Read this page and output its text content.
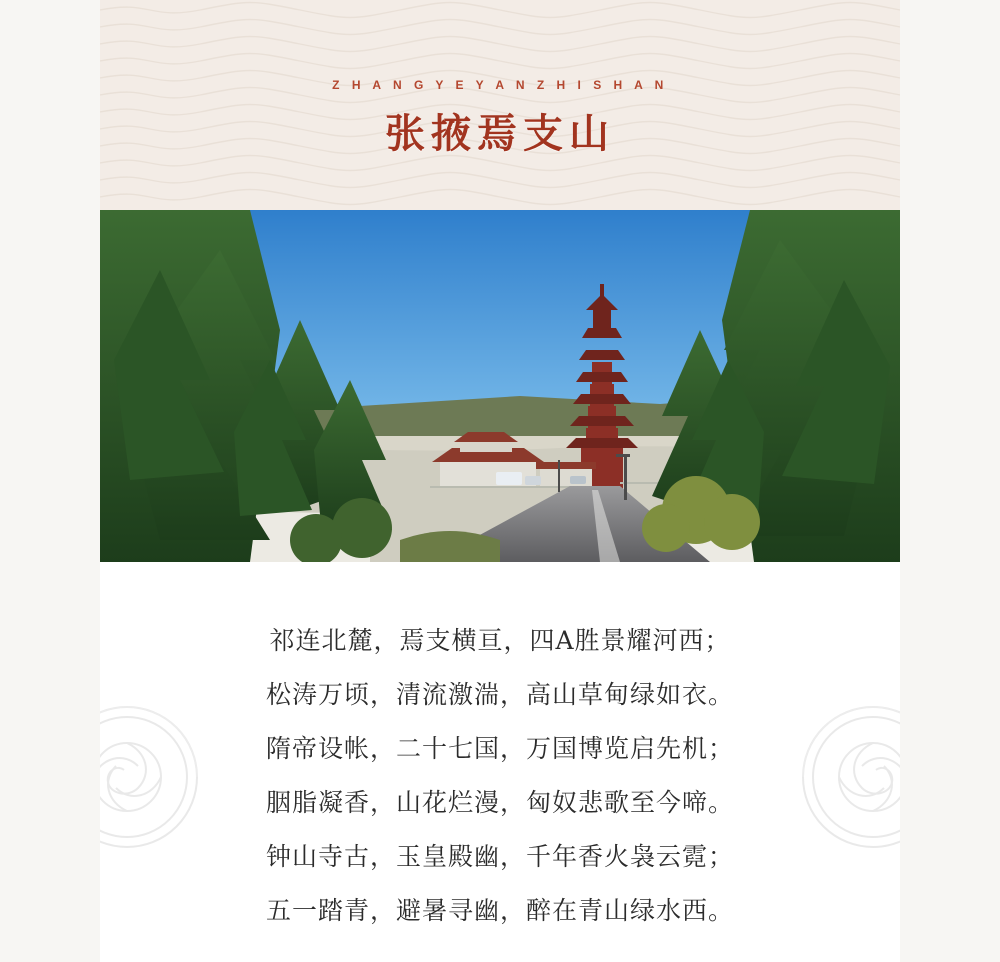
Z H A N G Y E Y A N Z H I S H A N
张掖焉支山
祁连北麓，焉支横亘，四A胜景耀河西；
松涛万顷，清流激湍，高山草甸绿如衣。
隋帝设帐，二十七国，万国博览启先机；
胭脂凝香，山花烂漫，匈奴悲歌至今啼。
钟山寺古，玉皇殿幽，千年香火袅云霓；
五一踏青，避暑寻幽，醉在青山绿水西。
